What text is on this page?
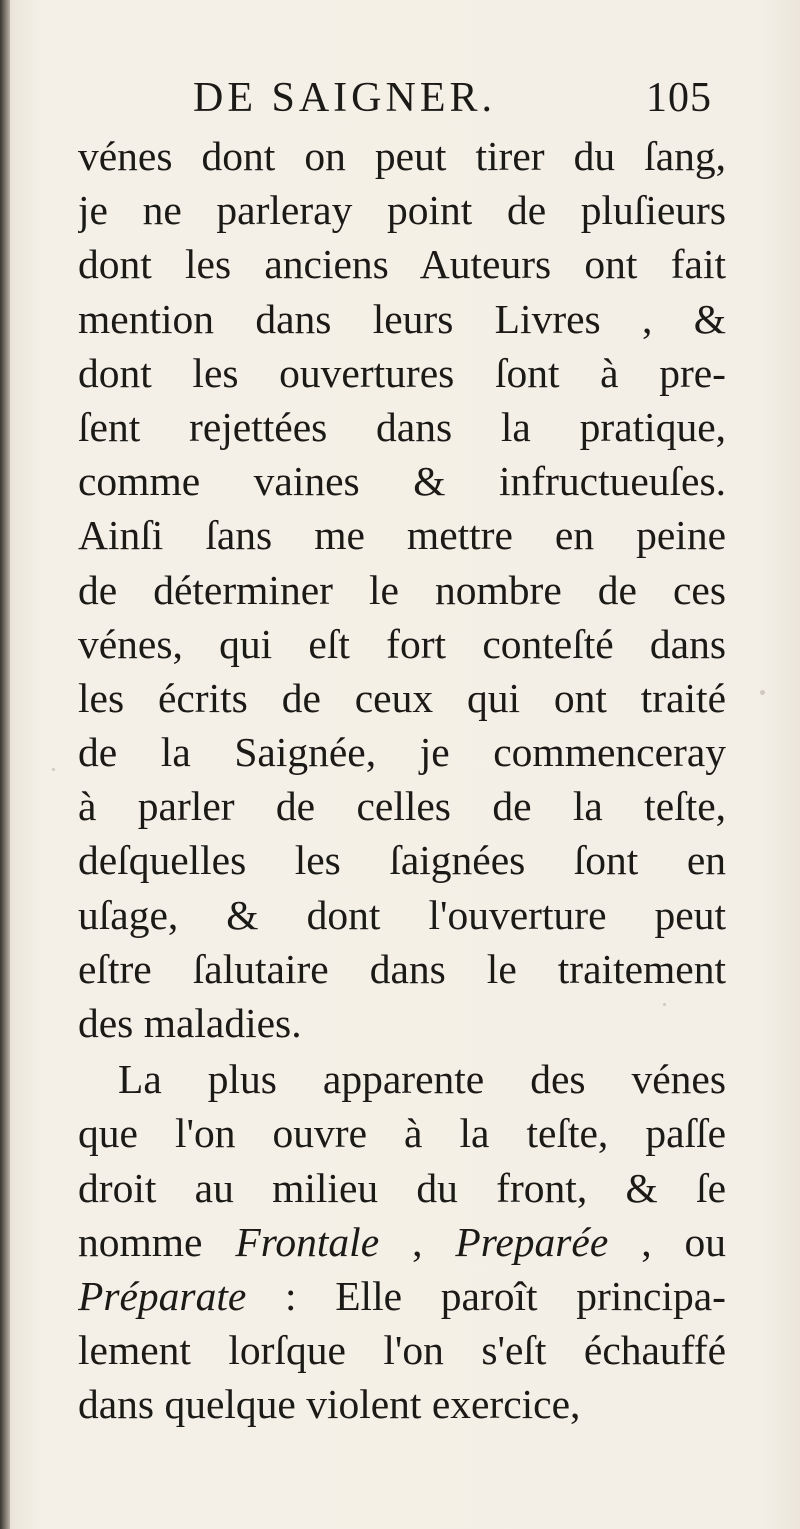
DE SAIGNER.	105
vénes dont on peut tirer du ſang,
je ne parleray point de pluſieurs
dont les anciens Auteurs ont fait
mention dans leurs Livres , &
dont les ouvertures ſont à pre-
ſent rejettées dans la pratique,
comme vaines & infructueuſes.
Ainſi ſans me mettre en peine
de déterminer le nombre de ces
vénes, qui eſt fort conteſté dans
les écrits de ceux qui ont traité
de la Saignée, je commenceray
à parler de celles de la teſte,
deſquelles les ſaignées ſont en
uſage, & dont l'ouverture peut
eſtre ſalutaire dans le traitement
des maladies.
La plus apparente des vénes
que l'on ouvre à la teſte, paſſe
droit au milieu du front, & ſe
nomme Frontale , Preparée , ou
Préparate : Elle paroît principa-
lement lorſque l'on s'eſt échauffé
dans quelque violent exercice,
